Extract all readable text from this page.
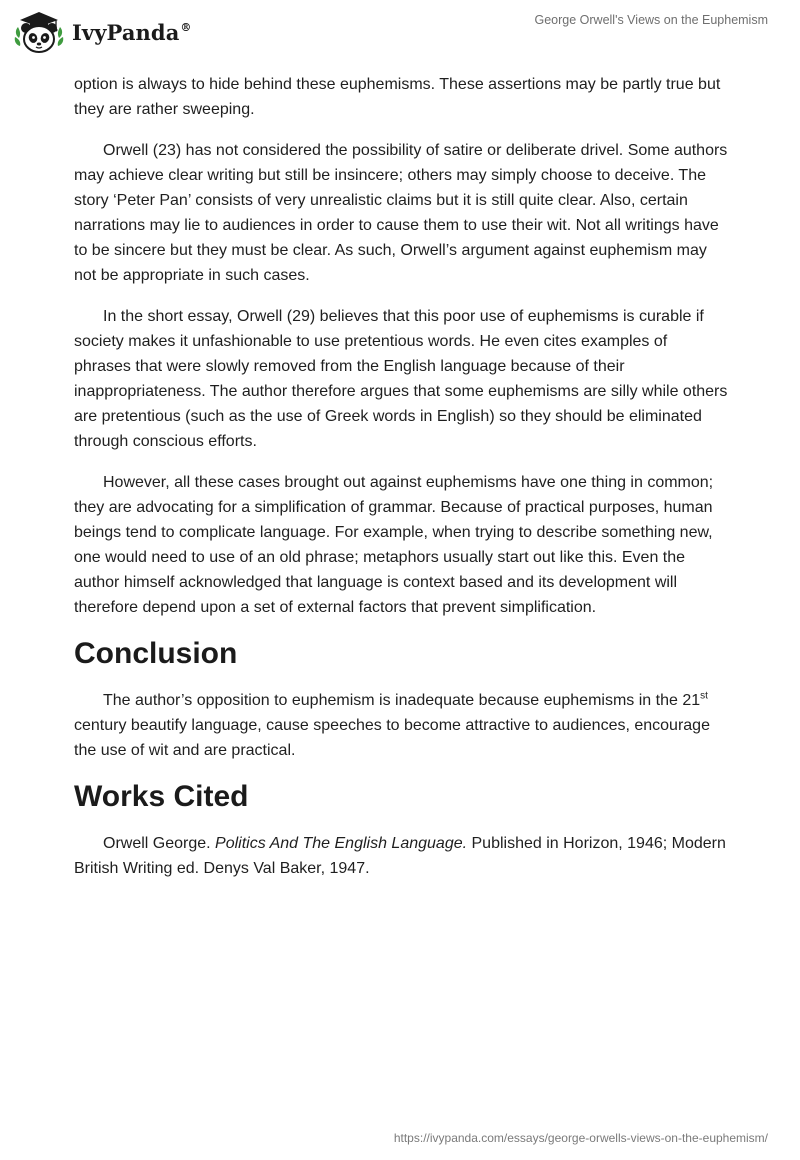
IvyPanda®	George Orwell's Views on the Euphemism

option is always to hide behind these euphemisms. These assertions may be partly true but they are rather sweeping.

Orwell (23) has not considered the possibility of satire or deliberate drivel. Some authors may achieve clear writing but still be insincere; others may simply choose to deceive. The story ‘Peter Pan’ consists of very unrealistic claims but it is still quite clear. Also, certain narrations may lie to audiences in order to cause them to use their wit. Not all writings have to be sincere but they must be clear. As such, Orwell’s argument against euphemism may not be appropriate in such cases.

In the short essay, Orwell (29) believes that this poor use of euphemisms is curable if society makes it unfashionable to use pretentious words. He even cites examples of phrases that were slowly removed from the English language because of their inappropriateness. The author therefore argues that some euphemisms are silly while others are pretentious (such as the use of Greek words in English) so they should be eliminated through conscious efforts.

However, all these cases brought out against euphemisms have one thing in common; they are advocating for a simplification of grammar. Because of practical purposes, human beings tend to complicate language. For example, when trying to describe something new, one would need to use of an old phrase; metaphors usually start out like this. Even the author himself acknowledged that language is context based and its development will therefore depend upon a set of external factors that prevent simplification.

Conclusion

The author’s opposition to euphemism is inadequate because euphemisms in the 21st century beautify language, cause speeches to become attractive to audiences, encourage the use of wit and are practical.

Works Cited

Orwell George. Politics And The English Language. Published in Horizon, 1946; Modern British Writing ed. Denys Val Baker, 1947.

https://ivypanda.com/essays/george-orwells-views-on-the-euphemism/
